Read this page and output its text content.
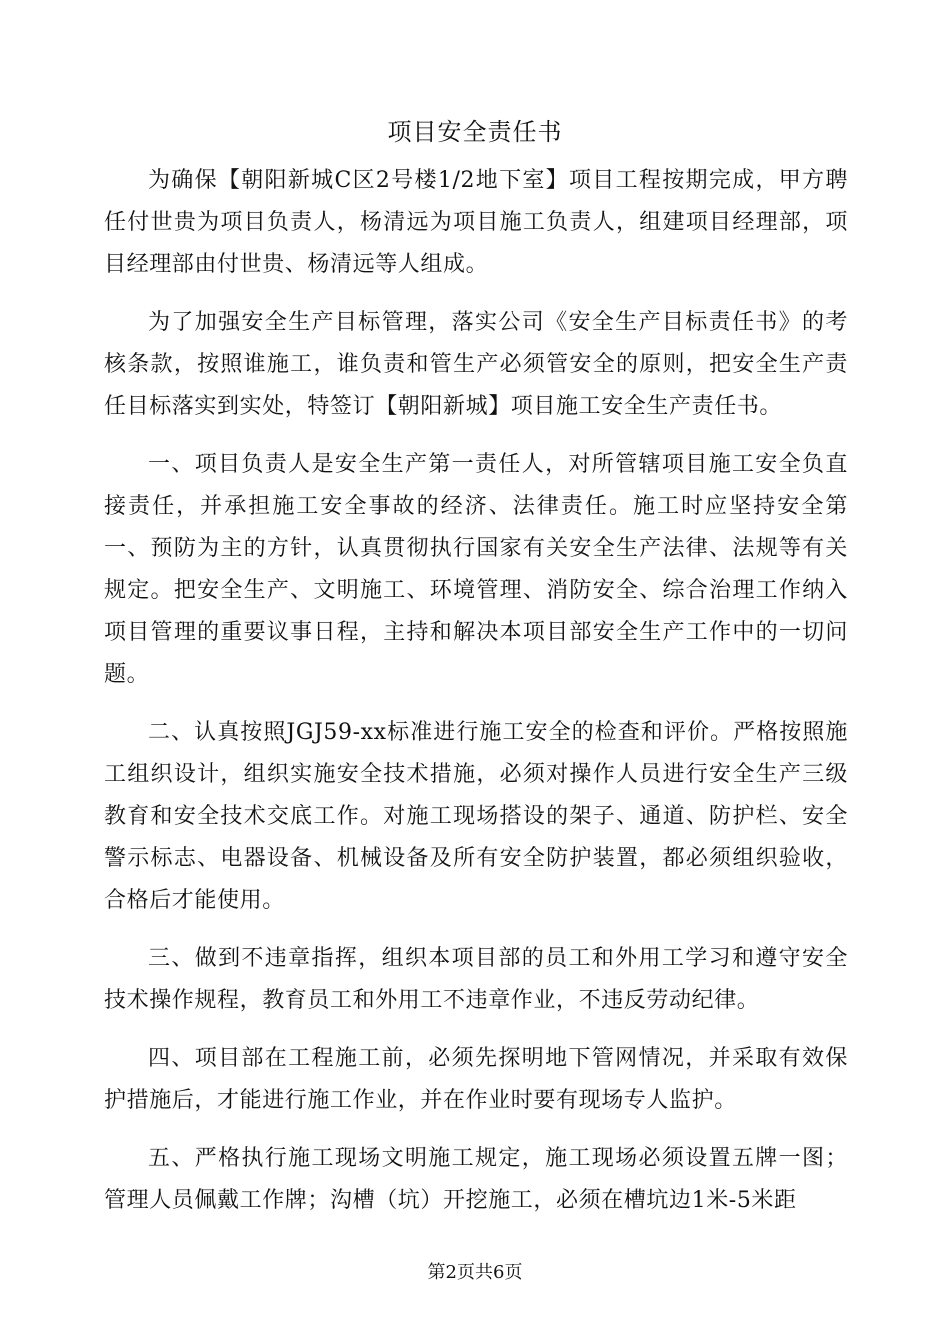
项目安全责任书

为确保【朝阳新城C区2号楼1/2地下室】项目工程按期完成，甲方聘任付世贵为项目负责人，杨清远为项目施工负责人，组建项目经理部，项目经理部由付世贵、杨清远等人组成。

为了加强安全生产目标管理，落实公司《安全生产目标责任书》的考核条款，按照谁施工，谁负责和管生产必须管安全的原则，把安全生产责任目标落实到实处，特签订【朝阳新城】项目施工安全生产责任书。

一、项目负责人是安全生产第一责任人，对所管辖项目施工安全负直接责任，并承担施工安全事故的经济、法律责任。施工时应坚持安全第一、预防为主的方针，认真贯彻执行国家有关安全生产法律、法规等有关规定。把安全生产、文明施工、环境管理、消防安全、综合治理工作纳入项目管理的重要议事日程，主持和解决本项目部安全生产工作中的一切问题。

二、认真按照JGJ59-xx标准进行施工安全的检查和评价。严格按照施工组织设计，组织实施安全技术措施，必须对操作人员进行安全生产三级教育和安全技术交底工作。对施工现场搭设的架子、通道、防护栏、安全警示标志、电器设备、机械设备及所有安全防护装置，都必须组织验收，合格后才能使用。

三、做到不违章指挥，组织本项目部的员工和外用工学习和遵守安全技术操作规程，教育员工和外用工不违章作业，不违反劳动纪律。

四、项目部在工程施工前，必须先探明地下管网情况，并采取有效保护措施后，才能进行施工作业，并在作业时要有现场专人监护。

五、严格执行施工现场文明施工规定，施工现场必须设置五牌一图；管理人员佩戴工作牌；沟槽（坑）开挖施工，必须在槽坑边1米-5米距

第2页共6页
